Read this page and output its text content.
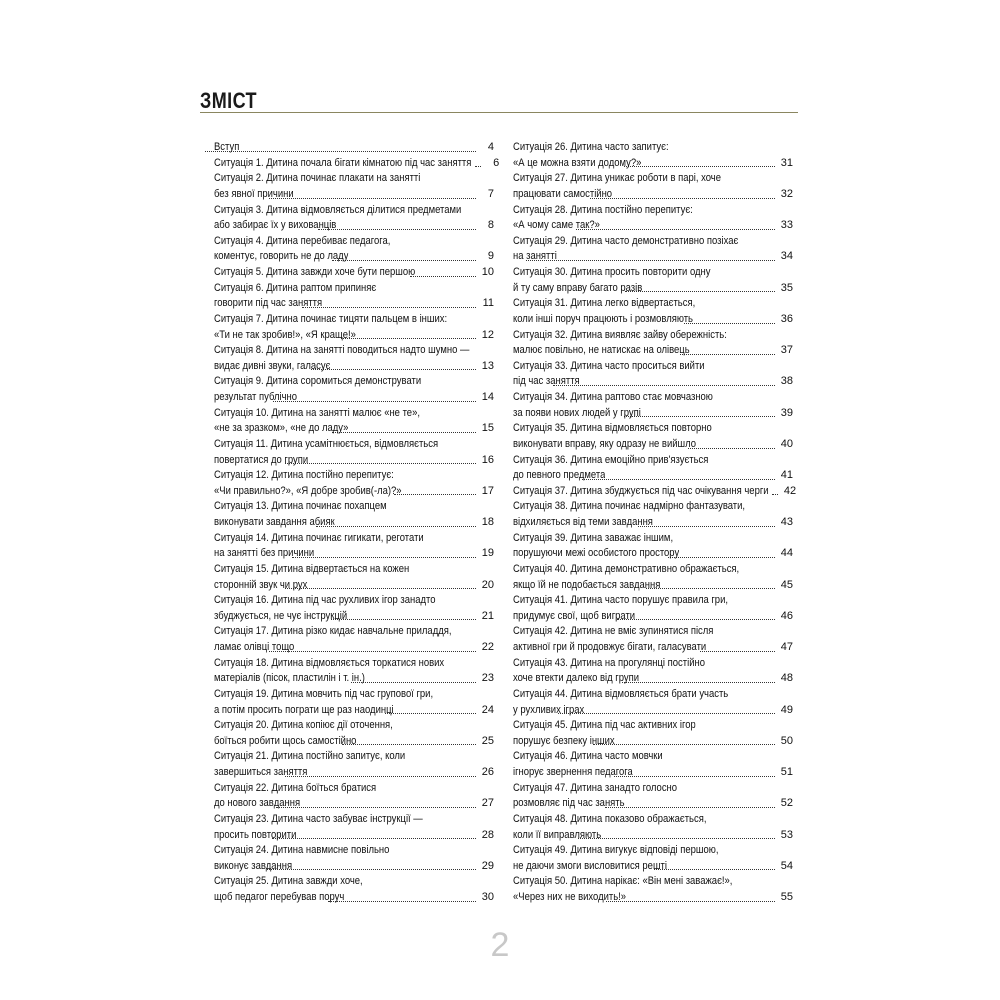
ЗМІСТ
Вступ	4
Ситуація 1. Дитина почала бігати кімнатою під час заняття	6
Ситуація 2. Дитина починає плакати на занятті
без явної причини	7
Ситуація 3. Дитина відмовляється ділитися предметами
або забирає їх у вихованців	8
Ситуація 4. Дитина перебиває педагога,
коментує, говорить не до ладу	9
Ситуація 5. Дитина завжди хоче бути першою	10
Ситуація 6. Дитина раптом припиняє
говорити під час заняття	11
Ситуація 7. Дитина починає тицяти пальцем в інших:
«Ти не так зробив!», «Я краще!»	12
Ситуація 8. Дитина на занятті поводиться надто шумно —
видає дивні звуки, галасує	13
Ситуація 9. Дитина соромиться демонструвати
результат публічно	14
Ситуація 10. Дитина на занятті малює «не те»,
«не за зразком», «не до ладу»	15
Ситуація 11. Дитина усамітнюється, відмовляється
повертатися до групи	16
Ситуація 12. Дитина постійно перепитує:
«Чи правильно?», «Я добре зробив(-ла)?»	17
Ситуація 13. Дитина починає похапцем
виконувати завдання абияк	18
Ситуація 14. Дитина починає гигикати, реготати
на занятті без причини	19
Ситуація 15. Дитина відвертається на кожен
сторонній звук чи рух	20
Ситуація 16. Дитина під час рухливих ігор занадто
збуджується, не чує інструкцій	21
Ситуація 17. Дитина різко кидає навчальне приладдя,
ламає олівці тощо	22
Ситуація 18. Дитина відмовляється торкатися нових
матеріалів (пісок, пластилін і т. ін.)	23
Ситуація 19. Дитина мовчить під час групової гри,
а потім просить пограти ще раз наодинці	24
Ситуація 20. Дитина копіює дії оточення,
боїться робити щось самостійно	25
Ситуація 21. Дитина постійно запитує, коли
завершиться заняття	26
Ситуація 22. Дитина боїться братися
до нового завдання	27
Ситуація 23. Дитина часто забуває інструкції —
просить повторити	28
Ситуація 24. Дитина навмисне повільно
виконує завдання	29
Ситуація 25. Дитина завжди хоче,
щоб педагог перебував поруч	30
Ситуація 26. Дитина часто запитує:
«А це можна взяти додому?»	31
Ситуація 27. Дитина уникає роботи в парі, хоче
працювати самостійно	32
Ситуація 28. Дитина постійно перепитує:
«А чому саме так?»	33
Ситуація 29. Дитина часто демонстративно позіхає
на занятті	34
Ситуація 30. Дитина просить повторити одну
й ту саму вправу багато разів	35
Ситуація 31. Дитина легко відвертається,
коли інші поруч працюють і розмовляють	36
Ситуація 32. Дитина виявляє зайву обережність:
малює повільно, не натискає на олівець	37
Ситуація 33. Дитина часто проситься вийти
під час заняття	38
Ситуація 34. Дитина раптово стає мовчазною
за появи нових людей у групі	39
Ситуація 35. Дитина відмовляється повторно
виконувати вправу, яку одразу не вийшло	40
Ситуація 36. Дитина емоційно прив'язується
до певного предмета	41
Ситуація 37. Дитина збуджується під час очікування черги	42
Ситуація 38. Дитина починає надмірно фантазувати,
відхиляється від теми завдання	43
Ситуація 39. Дитина заважає іншим,
порушуючи межі особистого простору	44
Ситуація 40. Дитина демонстративно ображається,
якщо їй не подобається завдання	45
Ситуація 41. Дитина часто порушує правила гри,
придумує свої, щоб виграти	46
Ситуація 42. Дитина не вміє зупинятися після
активної гри й продовжує бігати, галасувати	47
Ситуація 43. Дитина на прогулянці постійно
хоче втекти далеко від групи	48
Ситуація 44. Дитина відмовляється брати участь
у рухливих іграх	49
Ситуація 45. Дитина під час активних ігор
порушує безпеку інших	50
Ситуація 46. Дитина часто мовчки
ігнорує звернення педагога	51
Ситуація 47. Дитина занадто голосно
розмовляє під час занять	52
Ситуація 48. Дитина показово ображається,
коли її виправляють	53
Ситуація 49. Дитина вигукує відповіді першою,
не даючи змоги висловитися решті	54
Ситуація 50. Дитина нарікає: «Він мені заважає!»,
«Через них не виходить!»	55
2
